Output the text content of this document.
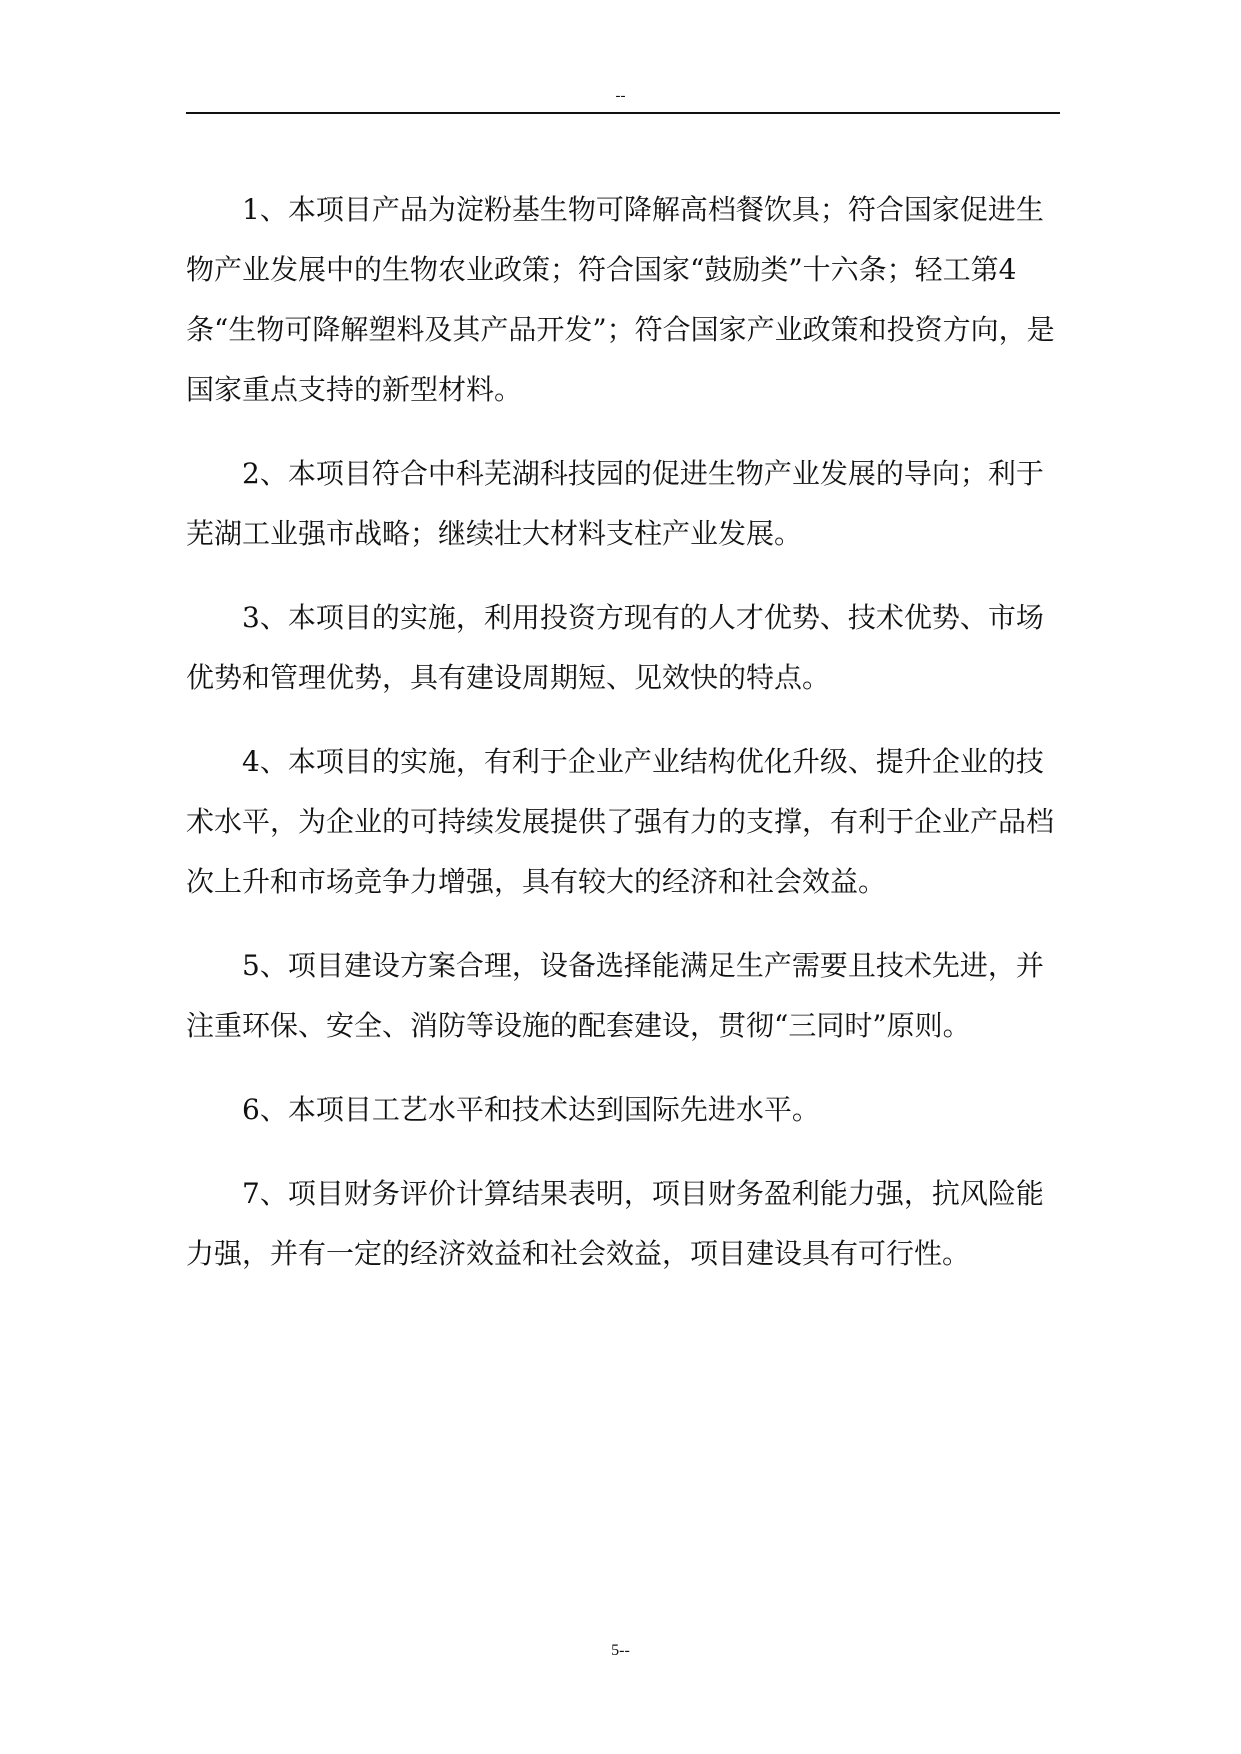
--

1、本项目产品为淀粉基生物可降解高档餐饮具；符合国家促进生物产业发展中的生物农业政策；符合国家“鼓励类”十六条；轻工第4条“生物可降解塑料及其产品开发”；符合国家产业政策和投资方向，是国家重点支持的新型材料。

2、本项目符合中科芜湖科技园的促进生物产业发展的导向；利于芜湖工业强市战略；继续壮大材料支柱产业发展。

3、本项目的实施，利用投资方现有的人才优势、技术优势、市场优势和管理优势，具有建设周期短、见效快的特点。

4、本项目的实施，有利于企业产业结构优化升级、提升企业的技术水平，为企业的可持续发展提供了强有力的支撑，有利于企业产品档次上升和市场竞争力增强，具有较大的经济和社会效益。

5、项目建设方案合理，设备选择能满足生产需要且技术先进，并注重环保、安全、消防等设施的配套建设，贯彻“三同时”原则。

6、本项目工艺水平和技术达到国际先进水平。

7、项目财务评价计算结果表明，项目财务盈利能力强，抗风险能力强，并有一定的经济效益和社会效益，项目建设具有可行性。

5--
